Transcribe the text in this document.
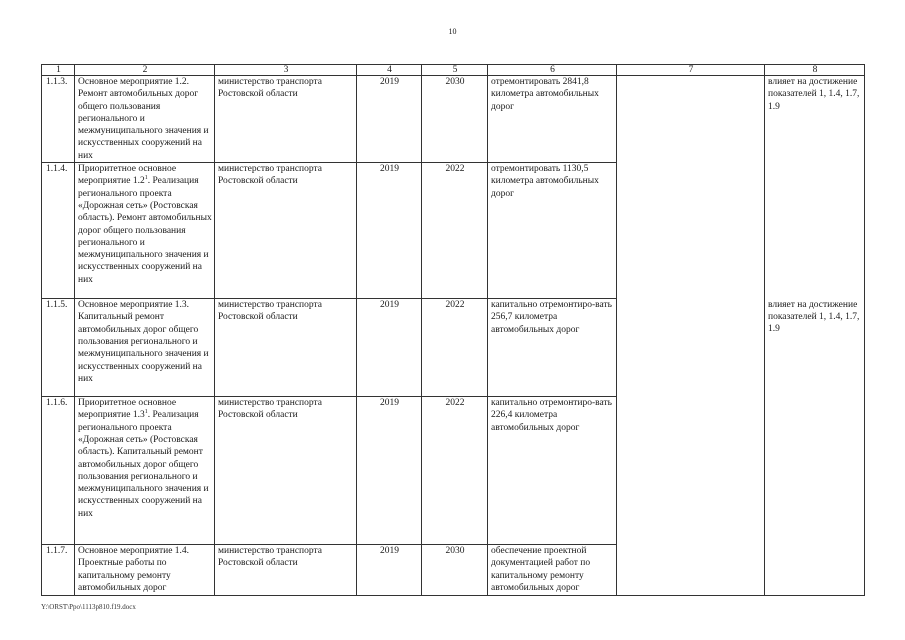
10
1	2	3	4	5	6	7	8
1.1.3.	Основное мероприятие 1.2. Ремонт автомобильных дорог общего пользования регионального и межмуниципального значения и искусственных сооружений на них	министерство транспорта Ростовской области	2019	2030	отремонтировать 2841,8 километра автомобильных дорог		влияет на достижение показателей 1, 1.4, 1.7, 1.9
1.1.4.	Приоритетное основное мероприятие $1.2^1$. Реализация регионального проекта «Дорожная сеть» (Ростовская область). Ремонт автомобильных дорог общего пользования регионального и межмуниципального значения и искусственных сооружений на них	министерство транспорта Ростовской области	2019	2022	отремонтировать 1130,5 километра автомобильных дорог		
1.1.5.	Основное мероприятие 1.3. Капитальный ремонт автомобильных дорог общего пользования регионального и межмуниципального значения и искусственных сооружений на них	министерство транспорта Ростовской области	2019	2022	капитально отремонтиро-вать 256,7 километра автомобильных дорог		влияет на достижение показателей 1, 1.4, 1.7, 1.9
1.1.6.	Приоритетное основное мероприятие $1.3^1$. Реализация регионального проекта «Дорожная сеть» (Ростовская область). Капитальный ремонт автомобильных дорог общего пользования регионального и межмуниципального значения и искусственных сооружений на них	министерство транспорта Ростовской области	2019	2022	капитально отремонтиро-вать 226,4 километра автомобильных дорог		
1.1.7.	Основное мероприятие 1.4. Проектные работы по капитальному ремонту автомобильных дорог	министерство транспорта Ростовской области	2019	2030	обеспечение проектной документацией работ по капитальному ремонту автомобильных дорог		
Y:\ORST\Ppo\1113p810.f19.docx
